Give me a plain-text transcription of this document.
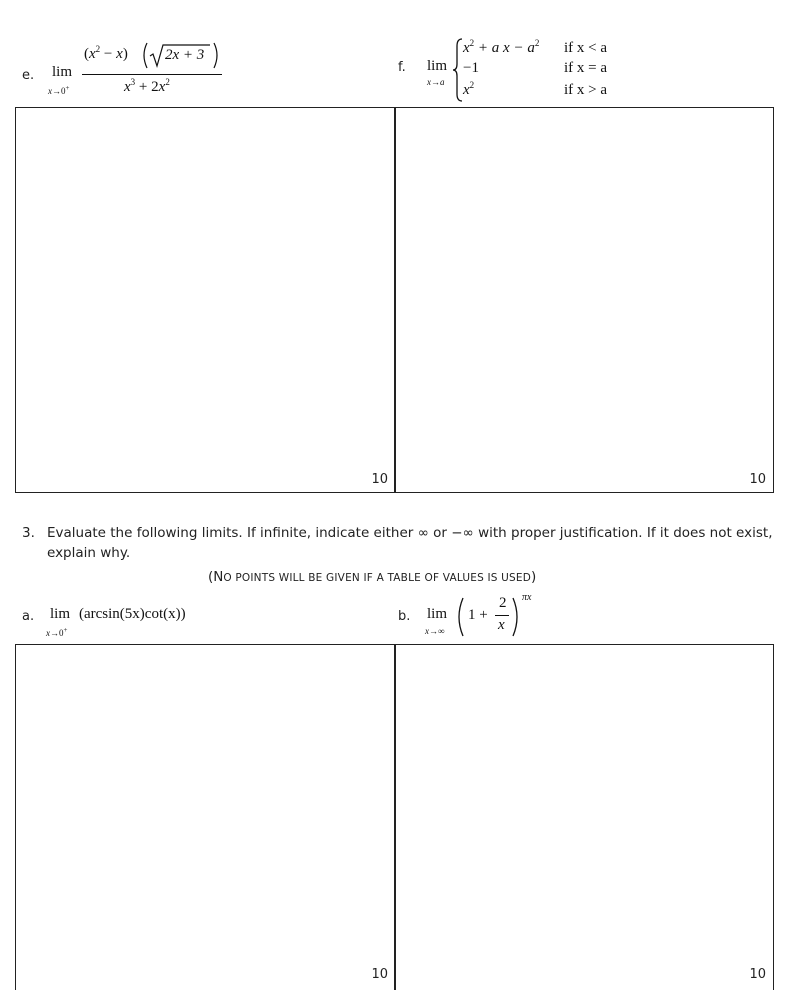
e. lim
x→0+
$(x^2 - x) 2x + 3$
$x^3 + 2x^2$
f. lim
x→a
$x^2 + a$ $x - a^2$ if x < a
−1	if x = a
$x^2$	if x > a
10	10
3. Evaluate the following limits. If infinite, indicate either ∞ or −∞ with proper justification. If it does not exist,
explain why.
(NO POINTS WILL BE GIVEN IF A TABLE OF VALUES IS USED)
a. lim
x→0+
(arcsin(5x)cot(x))	b. lim
x→∞
1 +
2
x
πx
10	10
